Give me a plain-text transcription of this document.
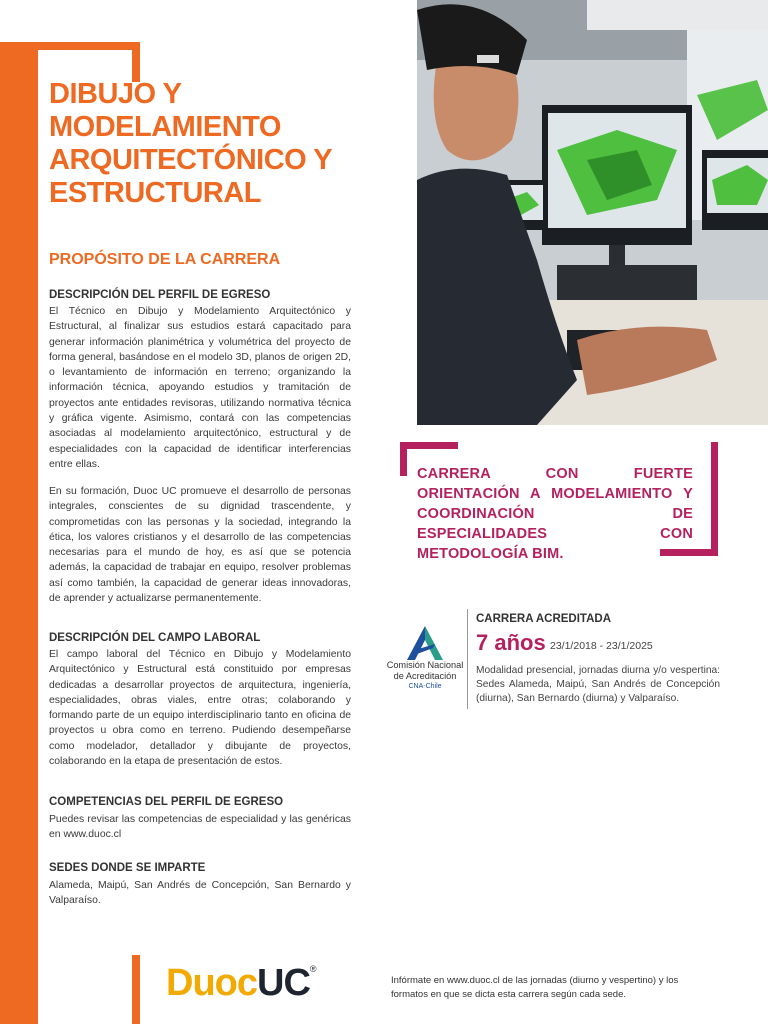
DIBUJO Y MODELAMIENTO ARQUITECTÓNICO Y ESTRUCTURAL
PROPÓSITO DE LA CARRERA
DESCRIPCIÓN DEL PERFIL DE EGRESO

El Técnico en Dibujo y Modelamiento Arquitectónico y Estructural, al finalizar sus estudios estará capacitado para generar información planimétrica y volumétrica del proyecto de forma general, basándose en el modelo 3D, planos de origen 2D, o levantamiento de información en terreno; organizando la información técnica, apoyando estudios y tramitación de proyectos ante entidades revisoras, utilizando normativa técnica y gráfica vigente. Asimismo, contará con las competencias asociadas al modelamiento arquitectónico, estructural y de especialidades con la capacidad de identificar interferencias entre ellas.

En su formación, Duoc UC promueve el desarrollo de personas integrales, conscientes de su dignidad trascendente, y comprometidas con las personas y la sociedad, integrando la ética, los valores cristianos y el desarrollo de las competencias necesarias para el mundo de hoy, es así que se potencia además, la capacidad de trabajar en equipo, resolver problemas así como también, la capacidad de generar ideas innovadoras, de aprender y actualizarse permanentemente.

DESCRIPCIÓN DEL CAMPO LABORAL

El campo laboral del Técnico en Dibujo y Modelamiento Arquitectónico y Estructural está constituido por empresas dedicadas a desarrollar proyectos de arquitectura, ingeniería, especialidades, obras viales, entre otras; colaborando y formando parte de un equipo interdisciplinario tanto en oficina de proyectos u obra como en terreno. Pudiendo desempeñarse como modelador, detallador y dibujante de proyectos, colaborando en la etapa de presentación de estos.

COMPETENCIAS DEL PERFIL DE EGRESO

Puedes revisar las competencias de especialidad y las genéricas en www.duoc.cl

SEDES DONDE SE IMPARTE

Alameda, Maipú, San Andrés de Concepción, San Bernardo y Valparaíso.

CARRERA CON FUERTE ORIENTACIÓN A MODELAMIENTO Y COORDINACIÓN DE ESPECIALIDADES CON METODOLOGÍA BIM.

Comisión Nacional de Acreditación

CNA-Chile

CARRERA ACREDITADA

7 años 23/1/2018 - 23/1/2025

Modalidad presencial, jornadas diurna y/o vespertina: Sedes Alameda, Maipú, San Andrés de Concepción (diurna), San Bernardo (diurna) y Valparaíso.

DuocUC®

Infórmate en www.duoc.cl de las jornadas (diurno y vespertino) y los formatos en que se dicta esta carrera según cada sede.
